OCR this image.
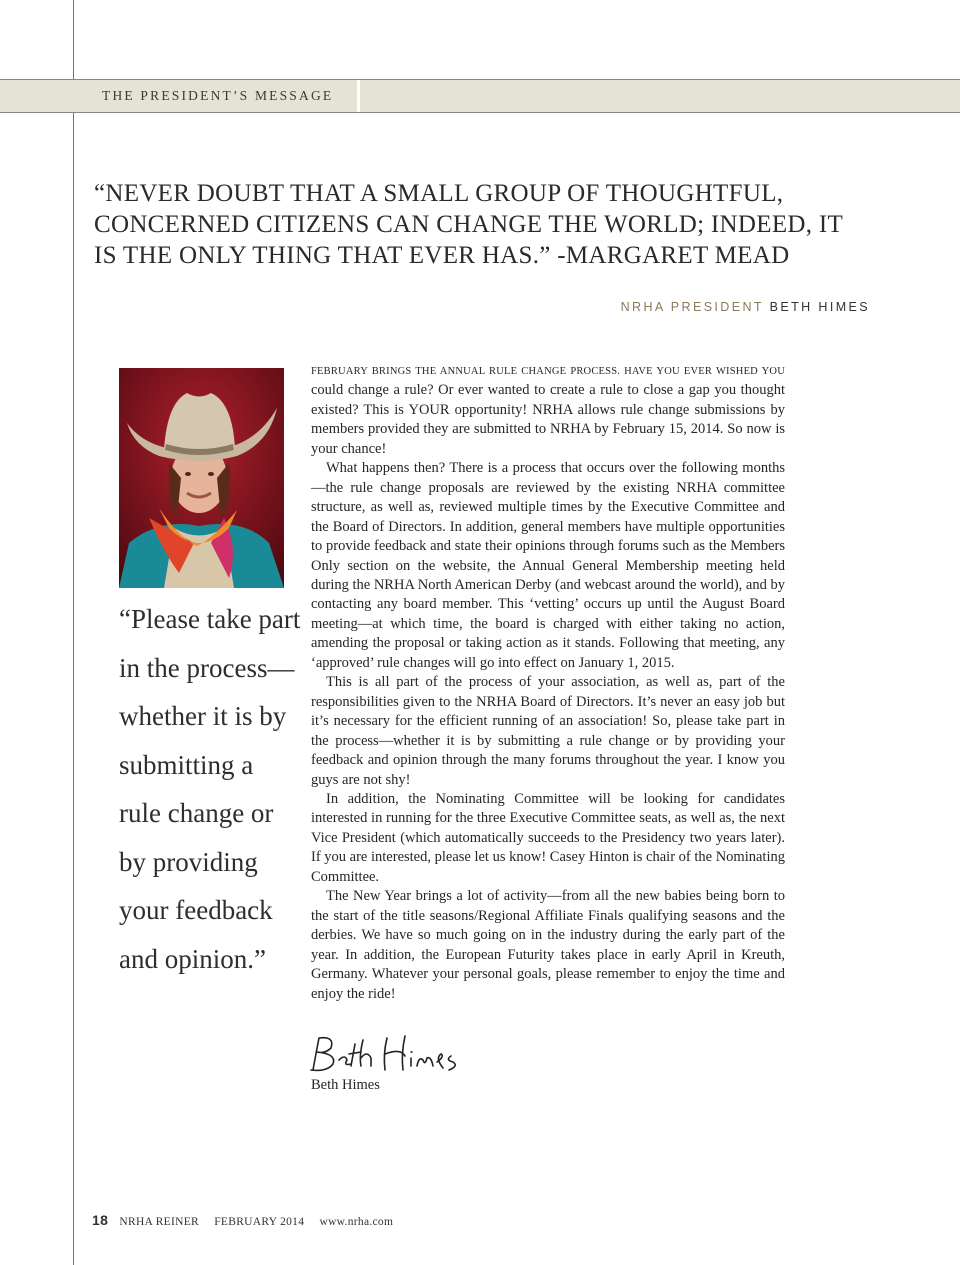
THE PRESIDENT’S MESSAGE
“NEVER DOUBT THAT A SMALL GROUP OF THOUGHTFUL,
CONCERNED CITIZENS CAN CHANGE THE WORLD; INDEED, IT
IS THE ONLY THING THAT EVER HAS.” -MARGARET MEAD
NRHA PRESIDENT BETH HIMES
“Please take part
in the process—
whether it is by
submitting a
rule change or
by providing
your feedback
and opinion.”

FEBRUARY BRINGS THE ANNUAL RULE CHANGE PROCESS. HAVE YOU EVER WISHED YOU could change a rule? Or ever wanted to create a rule to close a gap you thought existed? This is YOUR opportunity! NRHA allows rule change submissions by members provided they are submitted to NRHA by February 15, 2014. So now is your chance!

What happens then? There is a process that occurs over the following months—the rule change proposals are reviewed by the existing NRHA committee structure, as well as, reviewed multiple times by the Executive Committee and the Board of Directors. In addition, general members have multiple opportunities to provide feedback and state their opinions through forums such as the Members Only section on the website, the Annual General Membership meeting held during the NRHA North American Derby (and webcast around the world), and by contacting any board member. This ‘vetting’ occurs up until the August Board meeting—at which time, the board is charged with either taking no action, amending the proposal or taking action as it stands. Following that meeting, any ‘approved’ rule changes will go into effect on January 1, 2015.

This is all part of the process of your association, as well as, part of the responsibilities given to the NRHA Board of Directors. It’s never an easy job but it’s necessary for the efficient running of an association! So, please take part in the process—whether it is by submitting a rule change or by providing your feedback and opinion through the many forums throughout the year. I know you guys are not shy!

In addition, the Nominating Committee will be looking for candidates interested in running for the three Executive Committee seats, as well as, the next Vice President (which automatically succeeds to the Presidency two years later). If you are interested, please let us know! Casey Hinton is chair of the Nominating Committee.

The New Year brings a lot of activity—from all the new babies being born to the start of the title seasons/Regional Affiliate Finals qualifying seasons and the derbies. We have so much going on in the industry during the early part of the year. In addition, the European Futurity takes place in early April in Kreuth, Germany. Whatever your personal goals, please remember to enjoy the time and enjoy the ride!

Beth Himes
18 NRHA REINER FEBRUARY 2014 www.nrha.com
